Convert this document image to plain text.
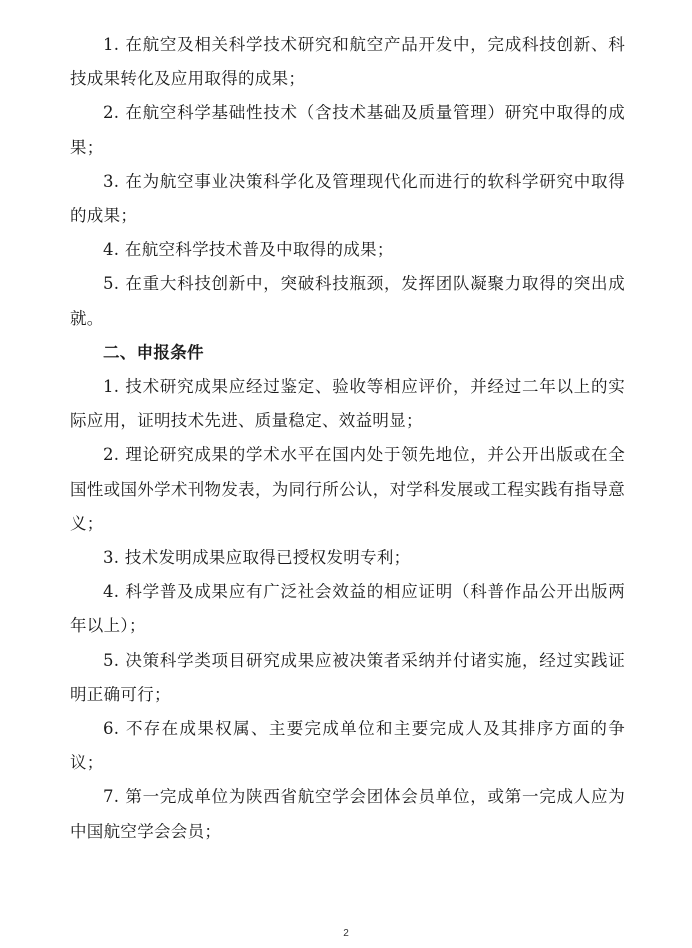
1. 在航空及相关科学技术研究和航空产品开发中，完成科技创新、科技成果转化及应用取得的成果；

2. 在航空科学基础性技术（含技术基础及质量管理）研究中取得的成果；

3. 在为航空事业决策科学化及管理现代化而进行的软科学研究中取得的成果；

4. 在航空科学技术普及中取得的成果；

5. 在重大科技创新中，突破科技瓶颈，发挥团队凝聚力取得的突出成就。

二、申报条件

1. 技术研究成果应经过鉴定、验收等相应评价，并经过二年以上的实际应用，证明技术先进、质量稳定、效益明显；

2. 理论研究成果的学术水平在国内处于领先地位，并公开出版或在全国性或国外学术刊物发表，为同行所公认，对学科发展或工程实践有指导意义；

3. 技术发明成果应取得已授权发明专利；

4. 科学普及成果应有广泛社会效益的相应证明（科普作品公开出版两年以上）；

5. 决策科学类项目研究成果应被决策者采纳并付诸实施，经过实践证明正确可行；

6. 不存在成果权属、主要完成单位和主要完成人及其排序方面的争议；

7. 第一完成单位为陕西省航空学会团体会员单位，或第一完成人应为中国航空学会会员；

2
